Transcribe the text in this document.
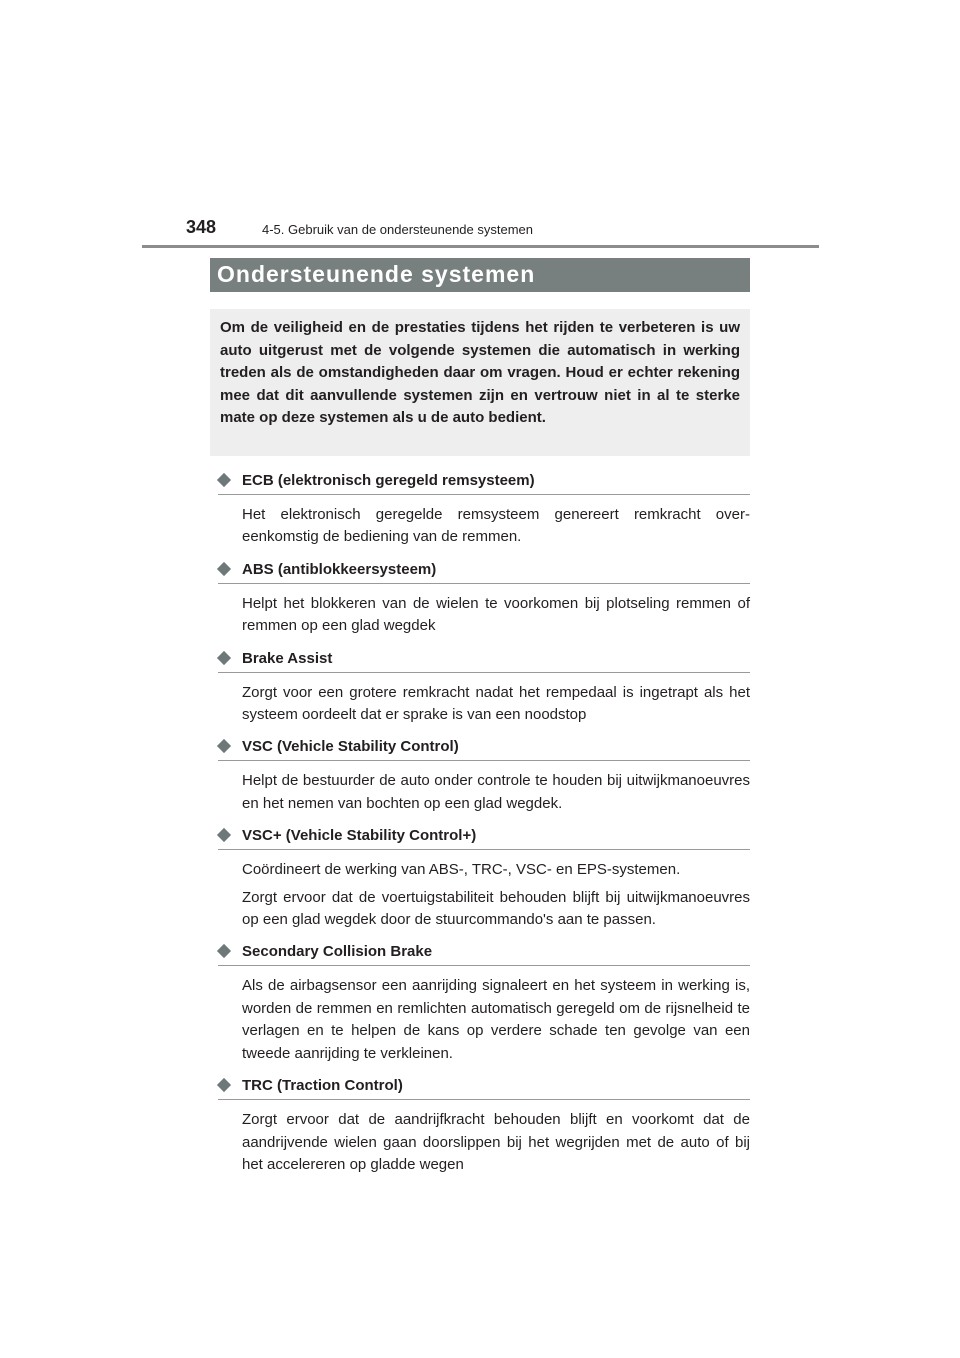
348	4-5. Gebruik van de ondersteunende systemen
Ondersteunende systemen

Om de veiligheid en de prestaties tijdens het rijden te verbeteren is uw auto uitgerust met de volgende systemen die automatisch in werking treden als de omstandigheden daar om vragen. Houd er echter rekening mee dat dit aanvullende systemen zijn en vertrouw niet in al te sterke mate op deze systemen als u de auto bedient.

ECB (elektronisch geregeld remsysteem)

Het elektronisch geregelde remsysteem genereert remkracht overeenkomstig de bediening van de remmen.

ABS (antiblokkeersysteem)

Helpt het blokkeren van de wielen te voorkomen bij plotseling remmen of remmen op een glad wegdek

Brake Assist

Zorgt voor een grotere remkracht nadat het rempedaal is ingetrapt als het systeem oordeelt dat er sprake is van een noodstop

VSC (Vehicle Stability Control)

Helpt de bestuurder de auto onder controle te houden bij uitwijkmanoeuvres en het nemen van bochten op een glad wegdek.

VSC+ (Vehicle Stability Control+)

Coördineert de werking van ABS-, TRC-, VSC- en EPS-systemen.

Zorgt ervoor dat de voertuigstabiliteit behouden blijft bij uitwijkmanoeuvres op een glad wegdek door de stuurcommando's aan te passen.

Secondary Collision Brake

Als de airbagsensor een aanrijding signaleert en het systeem in werking is, worden de remmen en remlichten automatisch geregeld om de rijsnelheid te verlagen en te helpen de kans op verdere schade ten gevolge van een tweede aanrijding te verkleinen.

TRC (Traction Control)

Zorgt ervoor dat de aandrijfkracht behouden blijft en voorkomt dat de aandrijvende wielen gaan doorslippen bij het wegrijden met de auto of bij het accelereren op gladde wegen
